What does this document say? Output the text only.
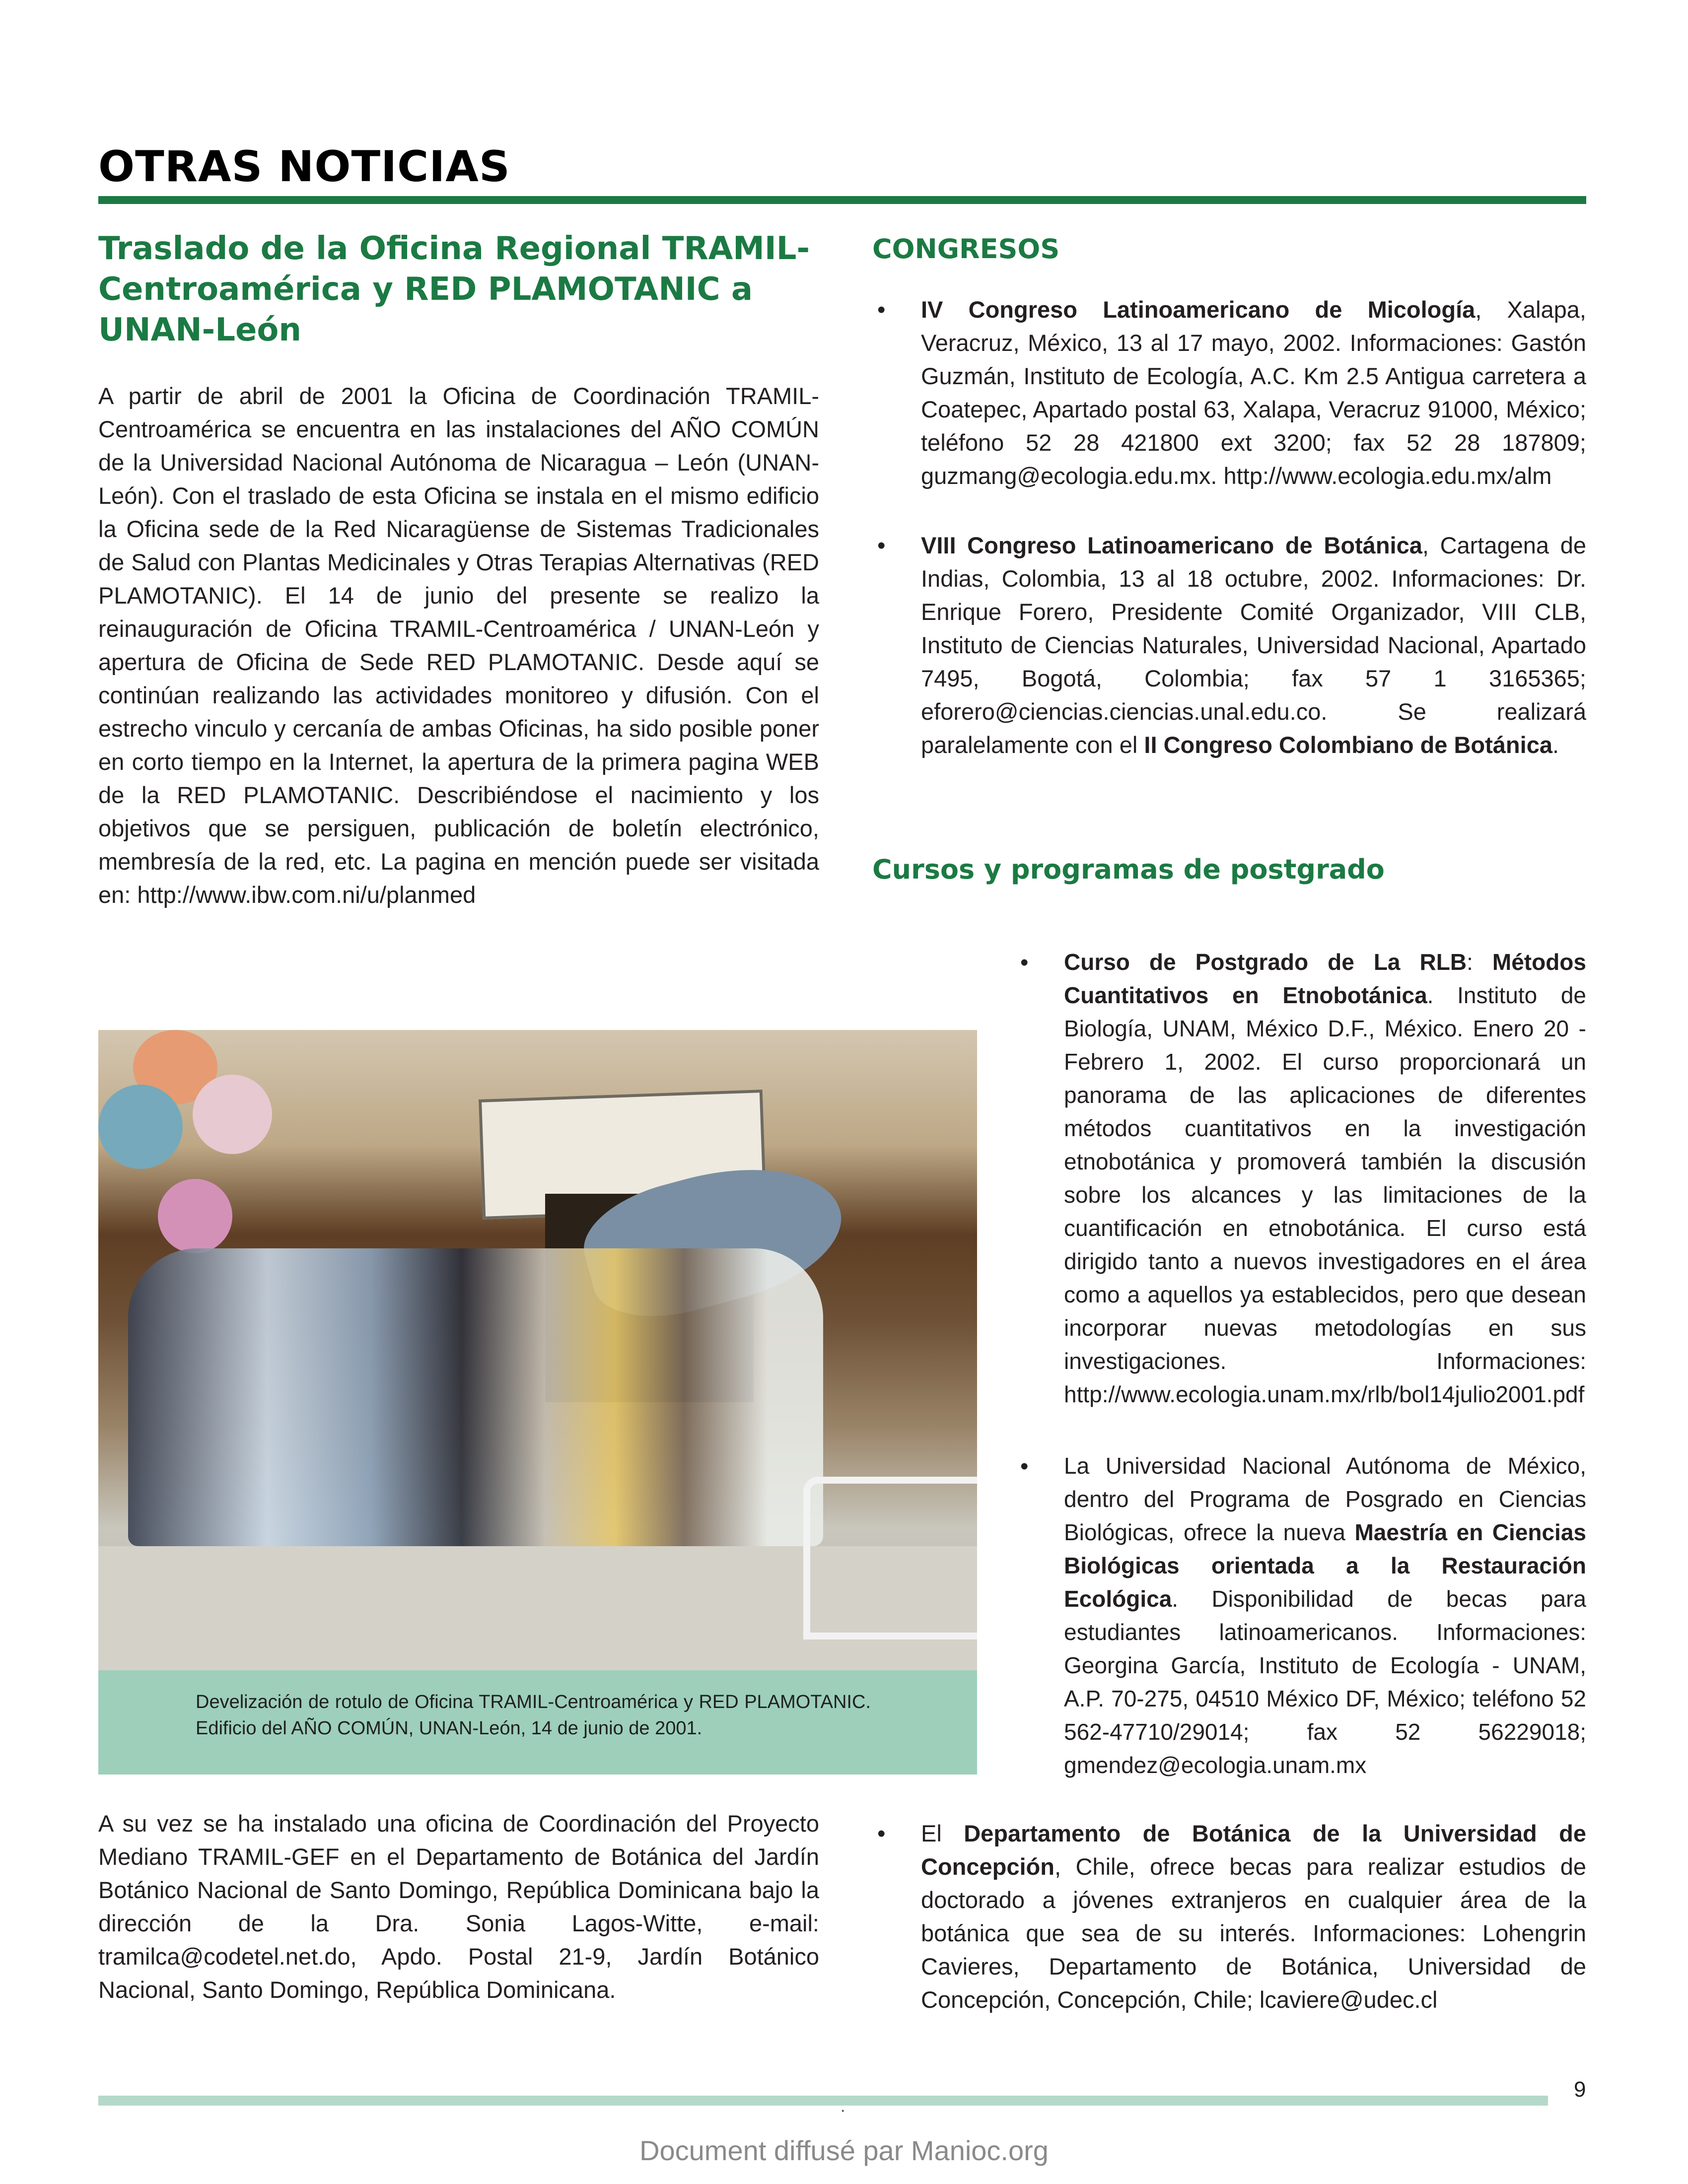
OTRAS NOTICIAS
Traslado de la Oficina Regional TRAMIL-Centroamérica y RED PLAMOTANIC a UNAN-León

A partir de abril de 2001 la Oficina de Coordinación TRAMIL-Centroamérica se encuentra en las instalaciones del AÑO COMÚN de la Universidad Nacional Autónoma de Nicaragua – León (UNAN-León). Con el traslado de esta Oficina se instala en el mismo edificio la Oficina sede de la Red Nicaragüense de Sistemas Tradicionales de Salud con Plantas Medicinales y Otras Terapias Alternativas (RED PLAMOTANIC). El 14 de junio del presente se realizo la reinauguración de Oficina TRAMIL-Centroamérica / UNAN-León y apertura de Oficina de Sede RED PLAMOTANIC. Desde aquí se continúan realizando las actividades monitoreo y difusión. Con el estrecho vinculo y cercanía de ambas Oficinas, ha sido posible poner en corto tiempo en la Internet, la apertura de la primera pagina WEB de la RED PLAMOTANIC. Describiéndose el nacimiento y los objetivos que se persiguen, publicación de boletín electrónico, membresía de la red, etc. La pagina en mención puede ser visitada en: http://www.ibw.com.ni/u/planmed

Develización de rotulo de Oficina TRAMIL-Centroamérica y RED PLAMOTANIC. Edificio del AÑO COMÚN, UNAN-León, 14 de junio de 2001.

A su vez se ha instalado una oficina de Coordinación del Proyecto Mediano TRAMIL-GEF en el Departamento de Botánica del Jardín Botánico Nacional de Santo Domingo, República Dominicana bajo la dirección de la Dra. Sonia Lagos-Witte, e-mail: tramilca@codetel.net.do, Apdo. Postal 21-9, Jardín Botánico Nacional, Santo Domingo, República Dominicana.

CONGRESOS
• IV Congreso Latinoamericano de Micología, Xalapa, Veracruz, México, 13 al 17 mayo, 2002. Informaciones: Gastón Guzmán, Instituto de Ecología, A.C. Km 2.5 Antigua carretera a Coatepec, Apartado postal 63, Xalapa, Veracruz 91000, México; teléfono 52 28 421800 ext 3200; fax 52 28 187809; guzmang@ecologia.edu.mx. http://www.ecologia.edu.mx/alm

• VIII Congreso Latinoamericano de Botánica, Cartagena de Indias, Colombia, 13 al 18 octubre, 2002. Informaciones: Dr. Enrique Forero, Presidente Comité Organizador, VIII CLB, Instituto de Ciencias Naturales, Universidad Nacional, Apartado 7495, Bogotá, Colombia; fax 57 1 3165365; eforero@ciencias.ciencias.unal.edu.co. Se realizará paralelamente con el II Congreso Colombiano de Botánica.

Cursos y programas de postgrado
• Curso de Postgrado de La RLB: Métodos Cuantitativos en Etnobotánica. Instituto de Biología, UNAM, México D.F., México. Enero 20 - Febrero 1, 2002. El curso proporcionará un panorama de las aplicaciones de diferentes métodos cuantitativos en la investigación etnobotánica y promoverá también la discusión sobre los alcances y las limitaciones de la cuantificación en etnobotánica. El curso está dirigido tanto a nuevos investigadores en el área como a aquellos ya establecidos, pero que desean incorporar nuevas metodologías en sus investigaciones. Informaciones: http://www.ecologia.unam.mx/rlb/bol14julio2001.pdf

• La Universidad Nacional Autónoma de México, dentro del Programa de Posgrado en Ciencias Biológicas, ofrece la nueva Maestría en Ciencias Biológicas orientada a la Restauración Ecológica. Disponibilidad de becas para estudiantes latinoamericanos. Informaciones: Georgina García, Instituto de Ecología - UNAM, A.P. 70-275, 04510 México DF, México; teléfono 52 562-47710/29014; fax 52 56229018; gmendez@ecologia.unam.mx

• El Departamento de Botánica de la Universidad de Concepción, Chile, ofrece becas para realizar estudios de doctorado a jóvenes extranjeros en cualquier área de la botánica que sea de su interés. Informaciones: Lohengrin Cavieres, Departamento de Botánica, Universidad de Concepción, Concepción, Chile; lcaviere@udec.cl

·
9
Document diffusé par Manioc.org
